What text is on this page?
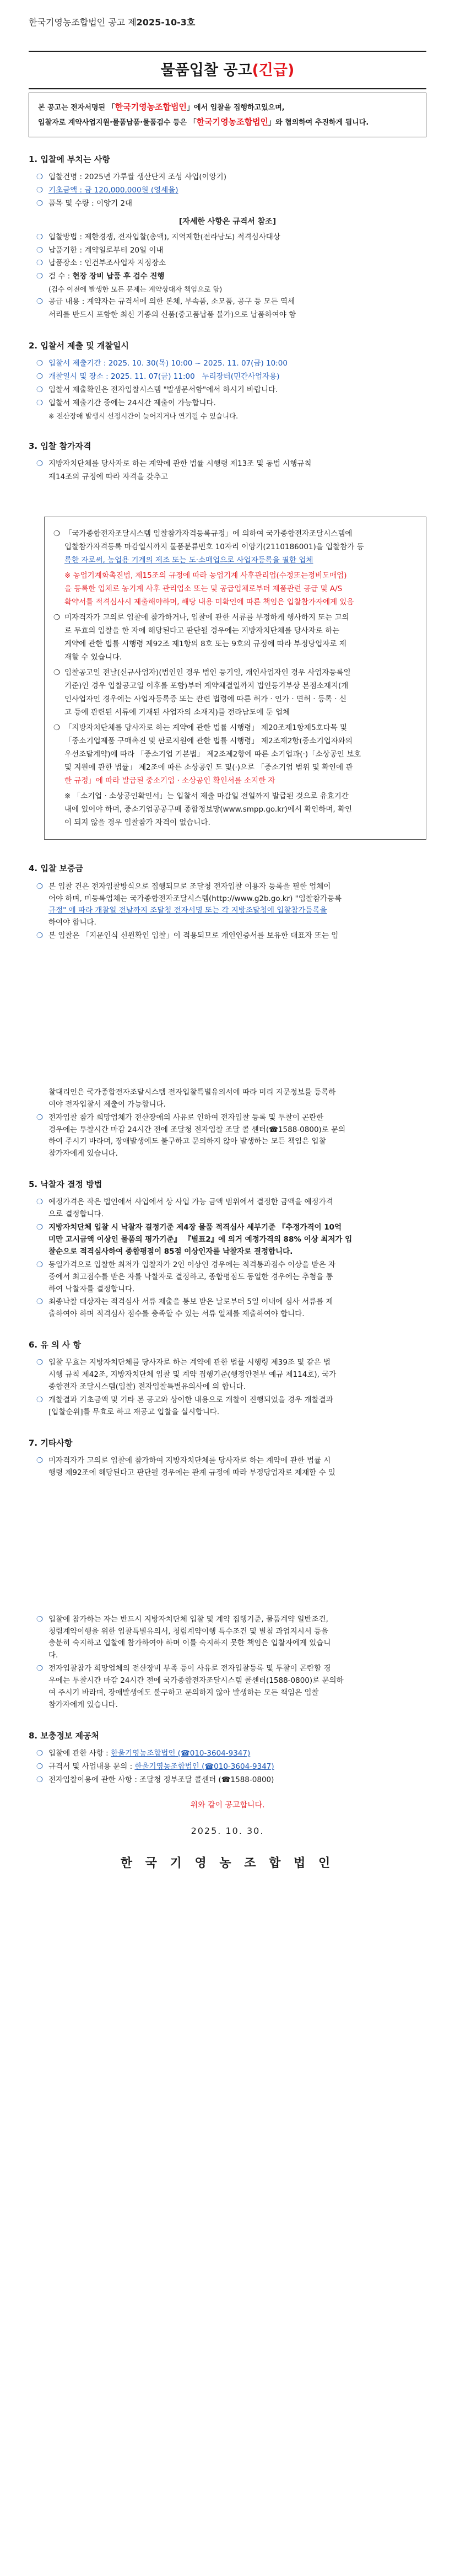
한국기영농조합법인 공고 제2025-10-3호
물품입찰 공고(긴급)
본 공고는 전자서명된 「한국기영농조합법인」에서 입찰을 집행하고있으며,
입찰자로 계약사업지원·물품납품·물품검수 등은 「한국기영농조합법인」와 협의하여 추진하게 됩니다.
1. 입찰에 부치는 사항
❍ 입찰건명 : 2025년 가루쌀 생산단지 조성 사업(이앙기)
❍ 기초금액 : 금 120,000,000원 (영세율)
❍ 품목 및 수량 : 이앙기 2대
[자세한 사항은 규격서 참조]
❍ 입찰방법 : 제한경쟁, 전자입찰(총액), 지역제한(전라남도) 적격심사대상
❍ 납품기한 : 계약일로부터 20일 이내
❍ 납품장소 : 인건부조사업자 지정장소
❍ 검 수 : 현장 장비 납품 후 검수 진행
(검수 이전에 발생한 모든 문제는 계약상대자 책임으로 함)
❍ 공급 내용 : 계약자는 규격서에 의한 본체, 부속품, 소모품, 공구 등 모든 역세
서리를 반드시 포함한 최신 기종의 신품(중고품납품 불가)으로 납품하여야 함
2. 입찰서 제출 및 개찰일시
❍ 입찰서 제출기간 : 2025. 10. 30(목) 10:00 ~ 2025. 11. 07(금) 10:00
❍ 개찰일시 및 장소 : 2025. 11. 07(금) 11:00 누리장터(민간사업자용)
❍ 입찰서 제출확인은 전자입찰시스템 "발생문서함"에서 하시기 바랍니다.
❍ 입찰서 제출기간 중에는 24시간 제출이 가능합니다.
※ 전산장애 발생시 선정시간이 늦어지거나 연기될 수 있습니다.
3. 입찰 참가자격
❍ 지방자치단체를 당사자로 하는 계약에 관한 법률 시행령 제13조 및 동법 시행규칙
제14조의 규정에 따라 자격을 갖추고
❍ 「국가종합전자조달시스템 입찰참가자격등록규정」에 의하여 국가종합전자조달시스템에
입찰참가자격등록 마감일시까지 물품분류번호 10자리 이앙기(2110186001)을 입찰참가 등
록한 자로써, 농업용 기계의 제조 또는 도·소매업으로 사업자등록을 필한 업체
※ 농업기계화촉진법, 제15조의 규정에 따라 농업기계 사후관리업(수정또는정비도매업)
을 등록한 업체로 농기계 사후 관리업소 또는 및 공급업체로부터 제품관련 공급 및 A/S
확약서를 적격심사시 제출해야하며, 해당 내용 미확인에 따른 책임은 입찰참가자에게 있음
❍ 미자격자가 고의로 입찰에 참가하거나, 입찰에 관한 서류를 부정하게 행사하지 또는 고의
로 무효의 입찰을 한 자에 해당된다고 판단될 경우에는 지방자치단체를 당사자로 하는
계약에 관한 법률 시행령 제92조 제1항의 8호 또는 9호의 규정에 따라 부정당업자로 제
재할 수 있습니다.
❍ 입찰공고일 전날(신규사업자)(법인인 경우 법인 등기일, 개인사업자인 경우 사업자등록일
기준)인 경우 입찰공고일 이후를 포함)부터 계약체결일까지 법인등기부상 본점소재지(개
인사업자인 경우에는 사업자등록증 또는 관련 법령에 따른 허가 · 인가 · 면허 · 등록 · 신
고 등에 관련된 서류에 기재된 사업자의 소재지)를 전라남도에 둔 업체
❍ 「지방자치단체를 당사자로 하는 계약에 관한 법률 시행령」 제20조제1항제5호다목 및
「중소기업제품 구매촉진 및 판로지원에 관한 법률 시행령」 제2조제2항(중소기업자와의
우선조달계약)에 따라 「중소기업 기본법」 제2조제2항에 따른 소기업과(·)「소상공인 보호
및 지원에 관한 법률」 제2조에 따른 소상공인 도 및(·)으로 「중소기업 범위 및 확인에 관
한 규정」에 따라 발급된 중소기업 · 소상공인 확인서를 소지한 자
※ 「소기업 · 소상공인확인서」는 입찰서 제출 마감일 전일까지 발급된 것으로 유효기간
내에 있어야 하며, 중소기업공공구매 종합정보망(www.smpp.go.kr)에서 확인하며, 확인
이 되지 않을 경우 입찰참가 자격이 없습니다.
4. 입찰 보증금
❍ 본 입찰 건은 전자입찰방식으로 집행되므로 조달청 전자입찰 이용자 등록을 필한 업체이
어야 하며, 미등록업체는 국가종합전자조달시스템(http://www.g2b.go.kr) "입찰참가등록
규정" 에 따라 개찰일 전날까지 조달청 전자서명 또는 각 지방조달청에 입찰참가등록을
하여야 합니다.
❍ 본 입찰은 「지문인식 신원확인 입찰」이 적용되므로 개인인증서를 보유한 대표자 또는 입
찰대리인은 국가종합전자조달시스템 전자입찰특별유의서에 따라 미리 지문정보를 등록하
여야 전자입찰서 제출이 가능합니다.
❍ 전자입찰 참가 희망업체가 전산장애의 사유로 인하여 전자입찰 등록 및 투찰이 곤란한
경우에는 투찰시간 마감 24시간 전에 조달청 전자입찰 조달 콜 센터(☎1588-0800)로 문의
하여 주시기 바라며, 장애발생에도 불구하고 문의하지 않아 발생하는 모든 책임은 입찰
참가자에게 있습니다.
5. 낙찰자 결정 방법
❍ 예정가격은 작은 법인에서 사업에서 상 사업 가능 금액 범위에서 결정한 금액을 예정가격
으로 결정합니다.
❍ 지방자치단체 입찰 시 낙찰자 결정기준 제4장 물품 적격심사 세부기준 『추정가격이 10억
미만 고시금액 이상인 물품의 평가기준』 『별표2』에 의거 예정가격의 88% 이상 최저가 입
찰순으로 적격심사하여 종합평점이 85점 이상인자를 낙찰자로 결정합니다.
❍ 동일가격으로 입찰한 최저가 입찰자가 2인 이상인 경우에는 적격통과점수 이상을 받은 자
중에서 최고점수를 받은 자를 낙찰자로 결정하고, 종합평점도 동일한 경우에는 추첨을 통
하여 낙찰자를 결정합니다.
❍ 최종낙찰 대상자는 적격심사 서류 제출을 통보 받은 날로부터 5일 이내에 심사 서류를 제
출하여야 하며 적격심사 점수를 충족할 수 있는 서류 일체를 제출하여야 합니다.
6. 유 의 사 항
❍ 입찰 무효는 지방자치단체를 당사자로 하는 계약에 관한 법률 시행령 제39조 및 같은 법
시행 규칙 제42조, 지방자치단체 입찰 및 계약 집행기준(행정안전부 예규 제114호), 국가
종합전자 조달시스템(입찰) 전자입찰특별유의사에 의 합니다.
❍ 개찰결과 기초금액 및 기타 본 공고와 상이한 내용으로 개찰이 진행되었을 경우 개찰결과
[입찰순위]를 무효로 하고 재공고 입찰을 실시합니다.
7. 기타사항
❍ 미자격자가 고의로 입찰에 참가하여 지방자치단체를 당사자로 하는 계약에 관한 법률 시
행령 제92조에 해당된다고 판단될 경우에는 관계 규정에 따라 부정당업자로 제재할 수 있
❍ 입찰에 참가하는 자는 반드시 지방자치단체 입찰 및 계약 집행기준, 물품계약 일반조건,
청렴계약이행을 위한 입찰특별유의서, 청렴계약이행 특수조건 및 별첨 과업지시서 등을
충분히 숙지하고 입찰에 참가하여야 하며 이를 숙지하지 못한 책임은 입찰자에게 있습니
다.
❍ 전자입찰참가 희망업체의 전산장비 부족 등이 사유로 전자입찰등록 및 투찰이 곤란할 경
우에는 투찰시간 마감 24시간 전에 국가종합전자조달시스템 콜센터(1588-0800)로 문의하
여 주시기 바라며, 장애발생에도 불구하고 문의하지 않아 발생하는 모든 책임은 입찰
참가자에게 있습니다.
8. 보충정보 제공처
❍ 입찰에 관한 사항 : 한울기영농조합법인 (☎010-3604-9347)
❍ 규격서 및 사업내용 문의 : 한울기영농조합법인 (☎010-3604-9347)
❍ 전자입찰이용에 관한 사항 : 조달청 정부조달 콜센터 (☎1588-0800)
위와 같이 공고합니다.
2025. 10. 30.
한 국 기 영 농 조 합 법 인
